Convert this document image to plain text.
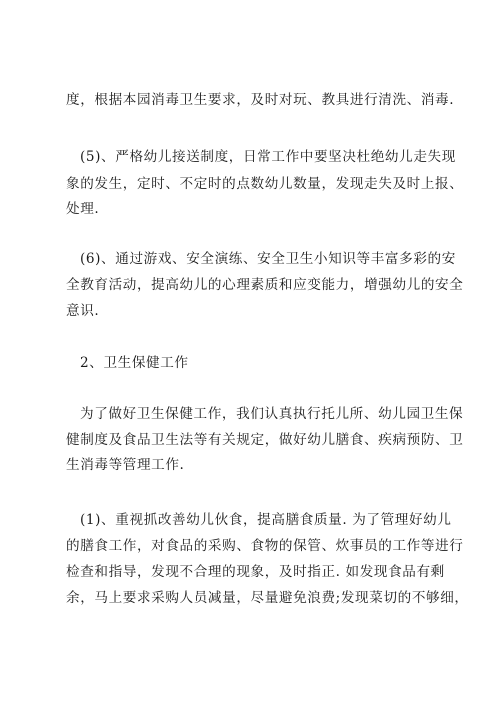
度，根据本园消毒卫生要求，及时对玩、教具进行清洗、消毒.
(5)、严格幼儿接送制度，日常工作中要坚决杜绝幼儿走失现
象的发生，定时、不定时的点数幼儿数量，发现走失及时上报、
处理.
(6)、通过游戏、安全演练、安全卫生小知识等丰富多彩的安
全教育活动，提高幼儿的心理素质和应变能力，增强幼儿的安全
意识.
2、卫生保健工作
为了做好卫生保健工作，我们认真执行托儿所、幼儿园卫生保
健制度及食品卫生法等有关规定，做好幼儿膳食、疾病预防、卫
生消毒等管理工作.
(1)、重视抓改善幼儿伙食，提高膳食质量. 为了管理好幼儿
的膳食工作，对食品的采购、食物的保管、炊事员的工作等进行
检查和指导，发现不合理的现象，及时指正. 如发现食品有剩
余，马上要求采购人员减量，尽量避免浪费;发现菜切的不够细，
